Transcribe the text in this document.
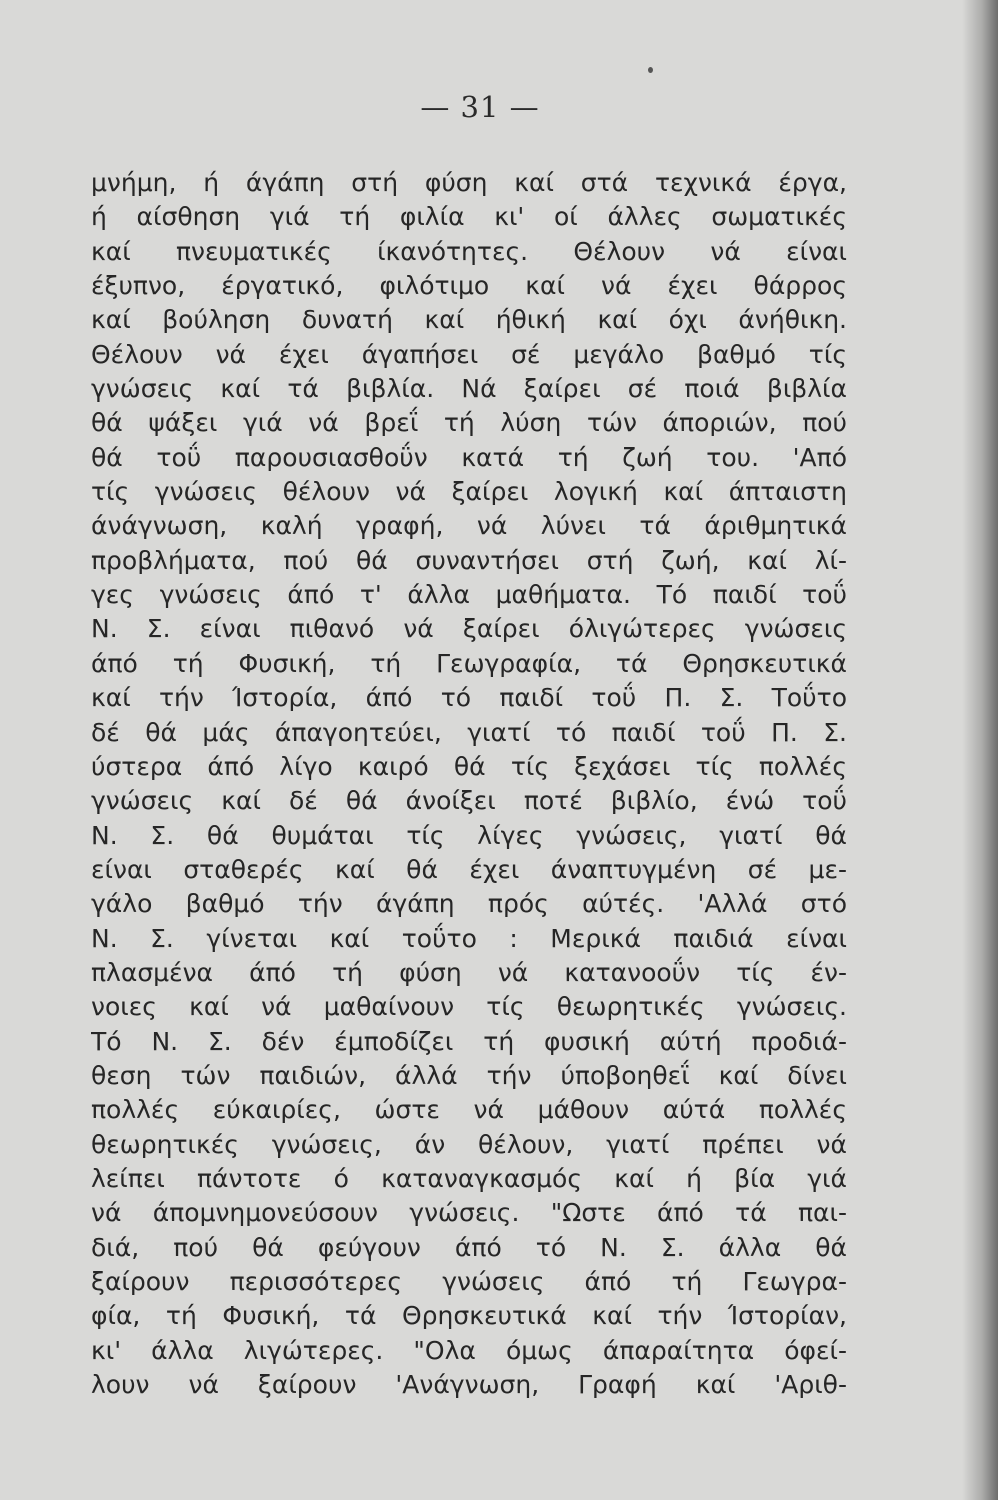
— 31 —
μνήμη, ή άγάπη στή φύση καί στά τεχνικά έργα,
ή αίσθηση γιά τή φιλία κι' οί άλλες σωματικές
καί πνευματικές ίκανότητες. Θέλουν νά είναι
έξυπνο, έργατικό, φιλότιμο καί νά έχει θάρρος
καί βούληση δυνατή καί ήθική καί όχι άνήθικη.
Θέλουν νά έχει άγαπήσει σέ μεγάλο βαθμό τίς
γνώσεις καί τά βιβλία. Νά ξαίρει σέ ποιά βιβλία
θά ψάξει γιά νά βρεΐ τή λύση τών άποριών, πού
θά τοΰ παρουσιασθοΰν κατά τή ζωή του. 'Από
τίς γνώσεις θέλουν νά ξαίρει λογική καί άπταιστη
άνάγνωση, καλή γραφή, νά λύνει τά άριθμητικά
προβλήματα, πού θά συναντήσει στή ζωή, καί λί-
γες γνώσεις άπό τ' άλλα μαθήματα. Τό παιδί τοΰ
Ν. Σ. είναι πιθανό νά ξαίρει όλιγώτερες γνώσεις
άπό τή Φυσική, τή Γεωγραφία, τά Θρησκευτικά
καί τήν Ίστορία, άπό τό παιδί τοΰ Π. Σ. Τοΰτο
δέ θά μάς άπαγοητεύει, γιατί τό παιδί τοΰ Π. Σ.
ύστερα άπό λίγο καιρό θά τίς ξεχάσει τίς πολλές
γνώσεις καί δέ θά άνοίξει ποτέ βιβλίο, ένώ τοΰ
Ν. Σ. θά θυμάται τίς λίγες γνώσεις, γιατί θά
είναι σταθερές καί θά έχει άναπτυγμένη σέ με-
γάλο βαθμό τήν άγάπη πρός αύτές. 'Αλλά στό
Ν. Σ. γίνεται καί τοΰτο : Μερικά παιδιά είναι
πλασμένα άπό τή φύση νά κατανοοΰν τίς έν-
νοιες καί νά μαθαίνουν τίς θεωρητικές γνώσεις.
Τό Ν. Σ. δέν έμποδίζει τή φυσική αύτή προδιά-
θεση τών παιδιών, άλλά τήν ύποβοηθεΐ καί δίνει
πολλές εύκαιρίες, ώστε νά μάθουν αύτά πολλές
θεωρητικές γνώσεις, άν θέλουν, γιατί πρέπει νά
λείπει πάντοτε ό καταναγκασμός καί ή βία γιά
νά άπομνημονεύσουν γνώσεις. "Ωστε άπό τά παι-
διά, πού θά φεύγουν άπό τό Ν. Σ. άλλα θά
ξαίρουν περισσότερες γνώσεις άπό τή Γεωγρα-
φία, τή Φυσική, τά Θρησκευτικά καί τήν Ίστορίαν,
κι' άλλα λιγώτερες. "Ολα όμως άπαραίτητα όφεί-
λουν νά ξαίρουν 'Ανάγνωση, Γραφή καί 'Αριθ-
